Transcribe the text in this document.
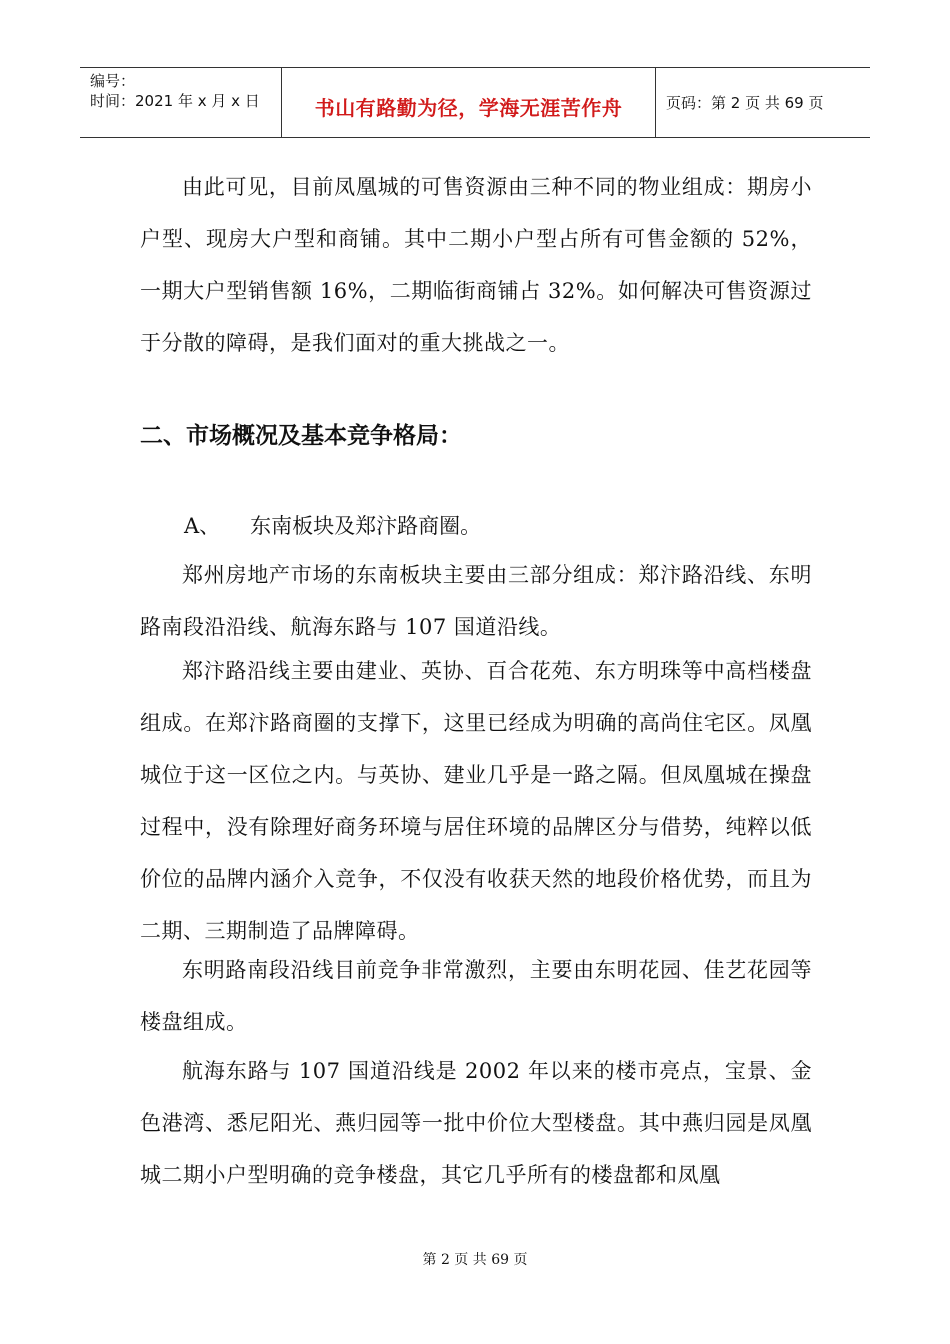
编号：
时间：2021 年 x 月 x 日	书山有路勤为径，学海无涯苦作舟	页码：第 2 页 共 69 页

由此可见，目前凤凰城的可售资源由三种不同的物业组成：期房小户型、现房大户型和商铺。其中二期小户型占所有可售金额的 52%，一期大户型销售额 16%，二期临街商铺占 32%。如何解决可售资源过于分散的障碍，是我们面对的重大挑战之一。

二、市场概况及基本竞争格局：
A、 东南板块及郑汴路商圈。

郑州房地产市场的东南板块主要由三部分组成：郑汴路沿线、东明路南段沿沿线、航海东路与 107 国道沿线。

郑汴路沿线主要由建业、英协、百合花苑、东方明珠等中高档楼盘组成。在郑汴路商圈的支撑下，这里已经成为明确的高尚住宅区。凤凰城位于这一区位之内。与英协、建业几乎是一路之隔。但凤凰城在操盘过程中，没有除理好商务环境与居住环境的品牌区分与借势，纯粹以低价位的品牌内涵介入竞争，不仅没有收获天然的地段价格优势，而且为二期、三期制造了品牌障碍。

东明路南段沿线目前竞争非常激烈，主要由东明花园、佳艺花园等楼盘组成。

航海东路与 107 国道沿线是 2002 年以来的楼市亮点，宝景、金色港湾、悉尼阳光、燕归园等一批中价位大型楼盘。其中燕归园是凤凰城二期小户型明确的竞争楼盘，其它几乎所有的楼盘都和凤凰

第 2 页 共 69 页
